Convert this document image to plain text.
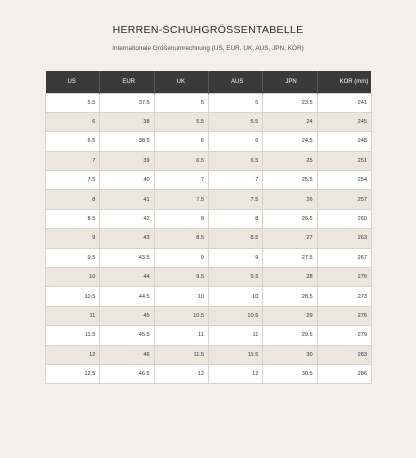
HERREN-SCHUHGRÖSSENTABELLE
Internationale Größenumrechnung (US, EUR, UK, AUS, JPN, KOR)
US	EUR	UK	AUS	JPN	KOR (mm)
5.5	37.5	5	5	23.5	241
6	38	5.5	5.5	24	245
6.5	38.5	6	6	24.5	248
7	39	6.5	6.5	25	251
7.5	40	7	7	25.5	254
8	41	7.5	7.5	26	257
8.5	42	8	8	26.5	260
9	43	8.5	8.5	27	263
9.5	43.5	9	9	27.5	267
10	44	9.5	9.5	28	270
10.5	44.5	10	10	28.5	273
11	45	10.5	10.5	29	276
11.5	45.5	11	11	29.5	279
12	46	11.5	11.5	30	283
12.5	46.5	12	12	30.5	286
